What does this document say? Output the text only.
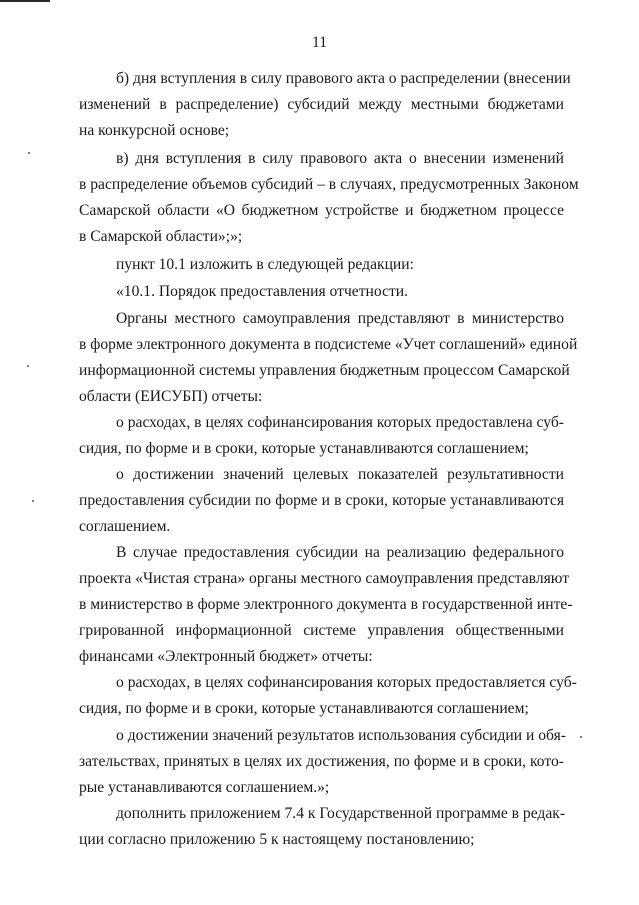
11
б) дня вступления в силу правового акта о распределении (внесении
изменений в распределение) субсидий между местными бюджетами
на конкурсной основе;
в) дня вступления в силу правового акта о внесении изменений
в распределение объемов субсидий – в случаях, предусмотренных Законом
Самарской области «О бюджетном устройстве и бюджетном процессе
в Самарской области»;»;
пункт 10.1 изложить в следующей редакции:
«10.1. Порядок предоставления отчетности.
Органы местного самоуправления представляют в министерство
в форме электронного документа в подсистеме «Учет соглашений» единой
информационной системы управления бюджетным процессом Самарской
области (ЕИСУБП) отчеты:
о расходах, в целях софинансирования которых предоставлена суб-
сидия, по форме и в сроки, которые устанавливаются соглашением;
о достижении значений целевых показателей результативности
предоставления субсидии по форме и в сроки, которые устанавливаются
соглашением.
В случае предоставления субсидии на реализацию федерального
проекта «Чистая страна» органы местного самоуправления представляют
в министерство в форме электронного документа в государственной инте-
грированной информационной системе управления общественными
финансами «Электронный бюджет» отчеты:
о расходах, в целях софинансирования которых предоставляется суб-
сидия, по форме и в сроки, которые устанавливаются соглашением;
о достижении значений результатов использования субсидии и обя-
зательствах, принятых в целях их достижения, по форме и в сроки, кото-
рые устанавливаются соглашением.»;
дополнить приложением 7.4 к Государственной программе в редак-
ции согласно приложению 5 к настоящему постановлению;
